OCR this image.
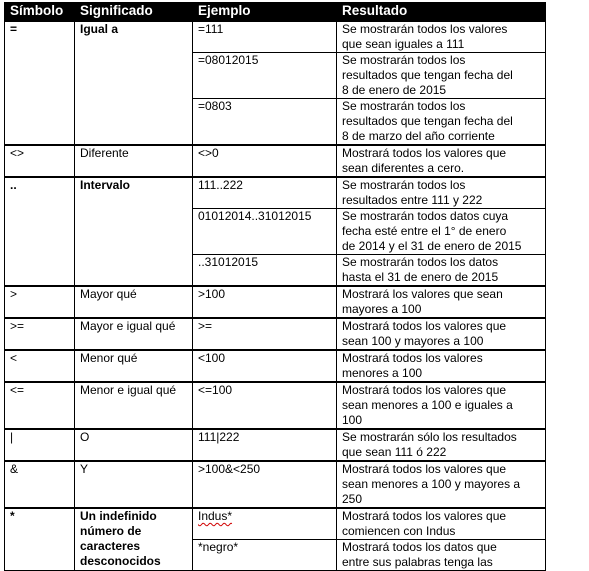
Símbolo	Significado	Ejemplo	Resultado
=	Igual a	=111	Se mostrarán todos los valores
que sean iguales a 111
		=08012015	Se mostrarán todos los
resultados que tengan fecha del
8 de enero de 2015
		=0803	Se mostrarán todos los
resultados que tengan fecha del
8 de marzo del año corriente
<>	Diferente	<>0	Mostrará todos los valores que
sean diferentes a cero.
..	Intervalo	111..222	Se mostrarán todos los
resultados entre 111 y 222
		01012014..31012015	Se mostrarán todos datos cuya
fecha esté entre el 1° de enero
de 2014 y el 31 de enero de 2015
		..31012015	Se mostrarán todos los datos
hasta el 31 de enero de 2015
>	Mayor qué	>100	Mostrará los valores que sean
mayores a 100
>=	Mayor e igual qué	>=	Mostrará todos los valores que
sean 100 y mayores a 100
<	Menor qué	<100	Mostrará todos los valores
menores a 100
<=	Menor e igual qué	<=100	Mostrará todos los valores que
sean menores a 100 e iguales a
100
|	O	111|222	Se mostrarán sólo los resultados
que sean 111 ó 222
&	Y	>100&<250	Mostrará todos los valores que
sean menores a 100 y mayores a
250
*	Un indefinido
número de
caracteres
desconocidos	Indus*	Mostrará todos los valores que
comiencen con Indus
		*negro*	Mostrará todos los datos que
entre sus palabras tenga las
